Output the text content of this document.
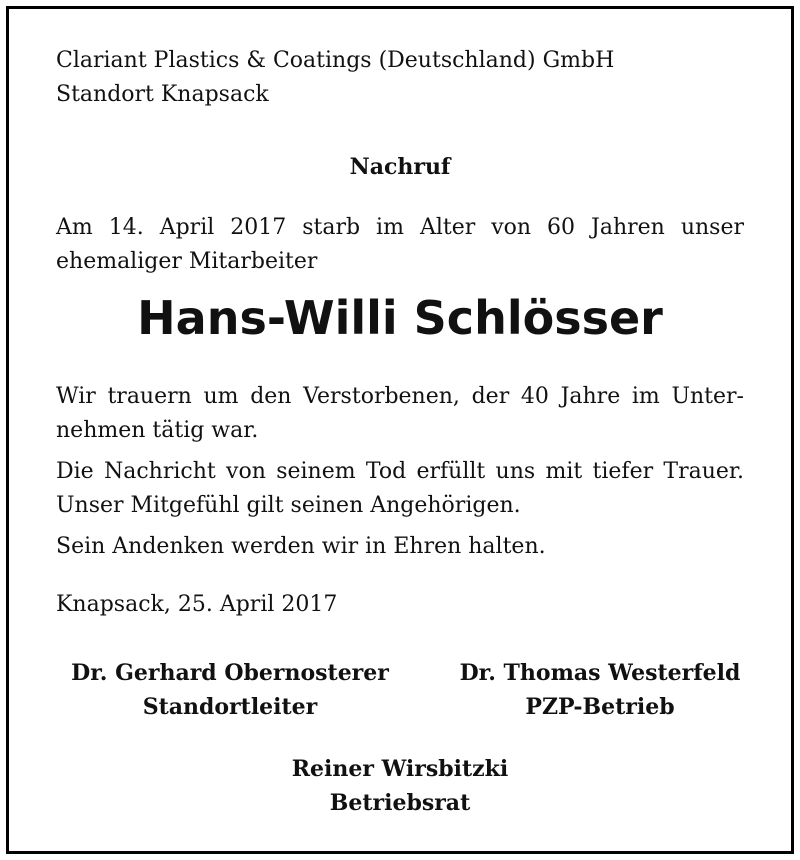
Clariant Plastics & Coatings (Deutschland) GmbH
Standort Knapsack
Nachruf
Am 14. April 2017 starb im Alter von 60 Jahren unser
ehemaliger Mitarbeiter
Hans-Willi Schlösser
Wir trauern um den Verstorbenen, der 40 Jahre im Unter-
nehmen tätig war.
Die Nachricht von seinem Tod erfüllt uns mit tiefer Trauer.
Unser Mitgefühl gilt seinen Angehörigen.
Sein Andenken werden wir in Ehren halten.
Knapsack, 25. April 2017
Dr. Gerhard Obernosterer
Standortleiter
Dr. Thomas Westerfeld
PZP-Betrieb
Reiner Wirsbitzki
Betriebsrat
